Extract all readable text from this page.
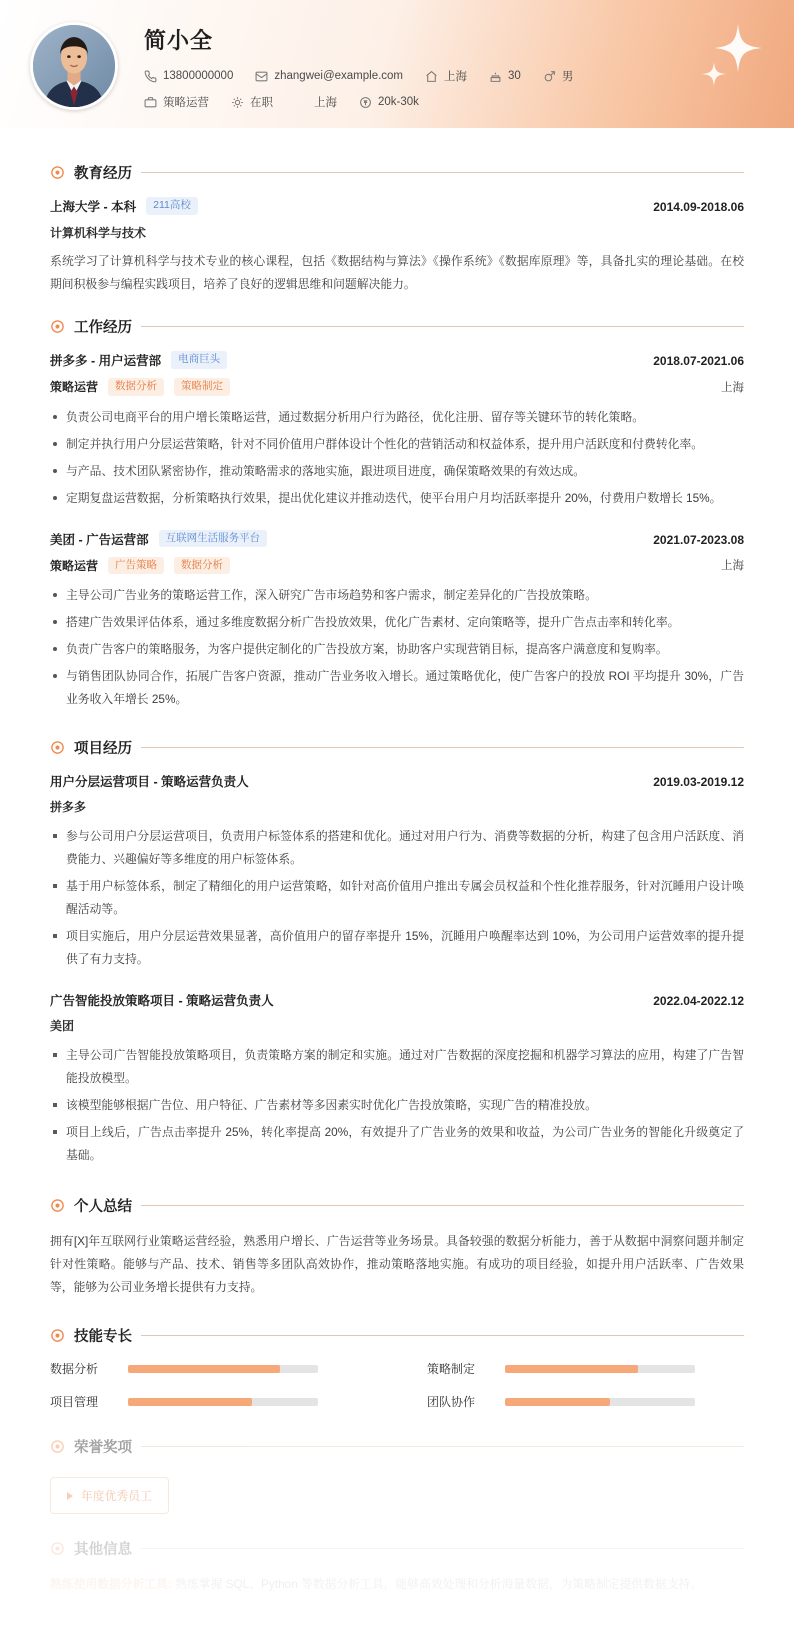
简小全
13800000000	zhangwei@example.com	上海	30	男
策略运营	在职	上海	20k-30k
教育经历
上海大学 - 本科	211高校	2014.09-2018.06
计算机科学与技术
系统学习了计算机科学与技术专业的核心课程，包括《数据结构与算法》《操作系统》《数据库原理》等，具备扎实的理论基础。在校期间积极参与编程实践项目，培养了良好的逻辑思维和问题解决能力。
工作经历
拼多多 - 用户运营部	电商巨头	2018.07-2021.06
策略运营	数据分析	策略制定	上海
负责公司电商平台的用户增长策略运营，通过数据分析用户行为路径，优化注册、留存等关键环节的转化策略。
制定并执行用户分层运营策略，针对不同价值用户群体设计个性化的营销活动和权益体系，提升用户活跃度和付费转化率。
与产品、技术团队紧密协作，推动策略需求的落地实施，跟进项目进度，确保策略效果的有效达成。
定期复盘运营数据，分析策略执行效果，提出优化建议并推动迭代，使平台用户月均活跃率提升 20%，付费用户数增长 15%。
美团 - 广告运营部	互联网生活服务平台	2021.07-2023.08
策略运营	广告策略	数据分析	上海
主导公司广告业务的策略运营工作，深入研究广告市场趋势和客户需求，制定差异化的广告投放策略。
搭建广告效果评估体系，通过多维度数据分析广告投放效果，优化广告素材、定向策略等，提升广告点击率和转化率。
负责广告客户的策略服务，为客户提供定制化的广告投放方案，协助客户实现营销目标，提高客户满意度和复购率。
与销售团队协同合作，拓展广告客户资源，推动广告业务收入增长。通过策略优化，使广告客户的投放 ROI 平均提升 30%，广告业务收入年增长 25%。
项目经历
用户分层运营项目 - 策略运营负责人	2019.03-2019.12
拼多多
参与公司用户分层运营项目，负责用户标签体系的搭建和优化。通过对用户行为、消费等数据的分析，构建了包含用户活跃度、消费能力、兴趣偏好等多维度的用户标签体系。
基于用户标签体系，制定了精细化的用户运营策略，如针对高价值用户推出专属会员权益和个性化推荐服务，针对沉睡用户设计唤醒活动等。
项目实施后，用户分层运营效果显著，高价值用户的留存率提升 15%，沉睡用户唤醒率达到 10%，为公司用户运营效率的提升提供了有力支持。
广告智能投放策略项目 - 策略运营负责人	2022.04-2022.12
美团
主导公司广告智能投放策略项目，负责策略方案的制定和实施。通过对广告数据的深度挖掘和机器学习算法的应用，构建了广告智能投放模型。
该模型能够根据广告位、用户特征、广告素材等多因素实时优化广告投放策略，实现广告的精准投放。
项目上线后，广告点击率提升 25%，转化率提高 20%，有效提升了广告业务的效果和收益，为公司广告业务的智能化升级奠定了基础。
个人总结
拥有[X]年互联网行业策略运营经验，熟悉用户增长、广告运营等业务场景。具备较强的数据分析能力，善于从数据中洞察问题并制定针对性策略。能够与产品、技术、销售等多团队高效协作，推动策略落地实施。有成功的项目经验，如提升用户活跃率、广告效果等，能够为公司业务增长提供有力支持。
技能专长
数据分析	策略制定
项目管理	团队协作
荣誉奖项
年度优秀员工
其他信息
熟练使用数据分析工具: 熟练掌握 SQL、Python 等数据分析工具，能够高效处理和分析海量数据，为策略制定提供数据支持。
